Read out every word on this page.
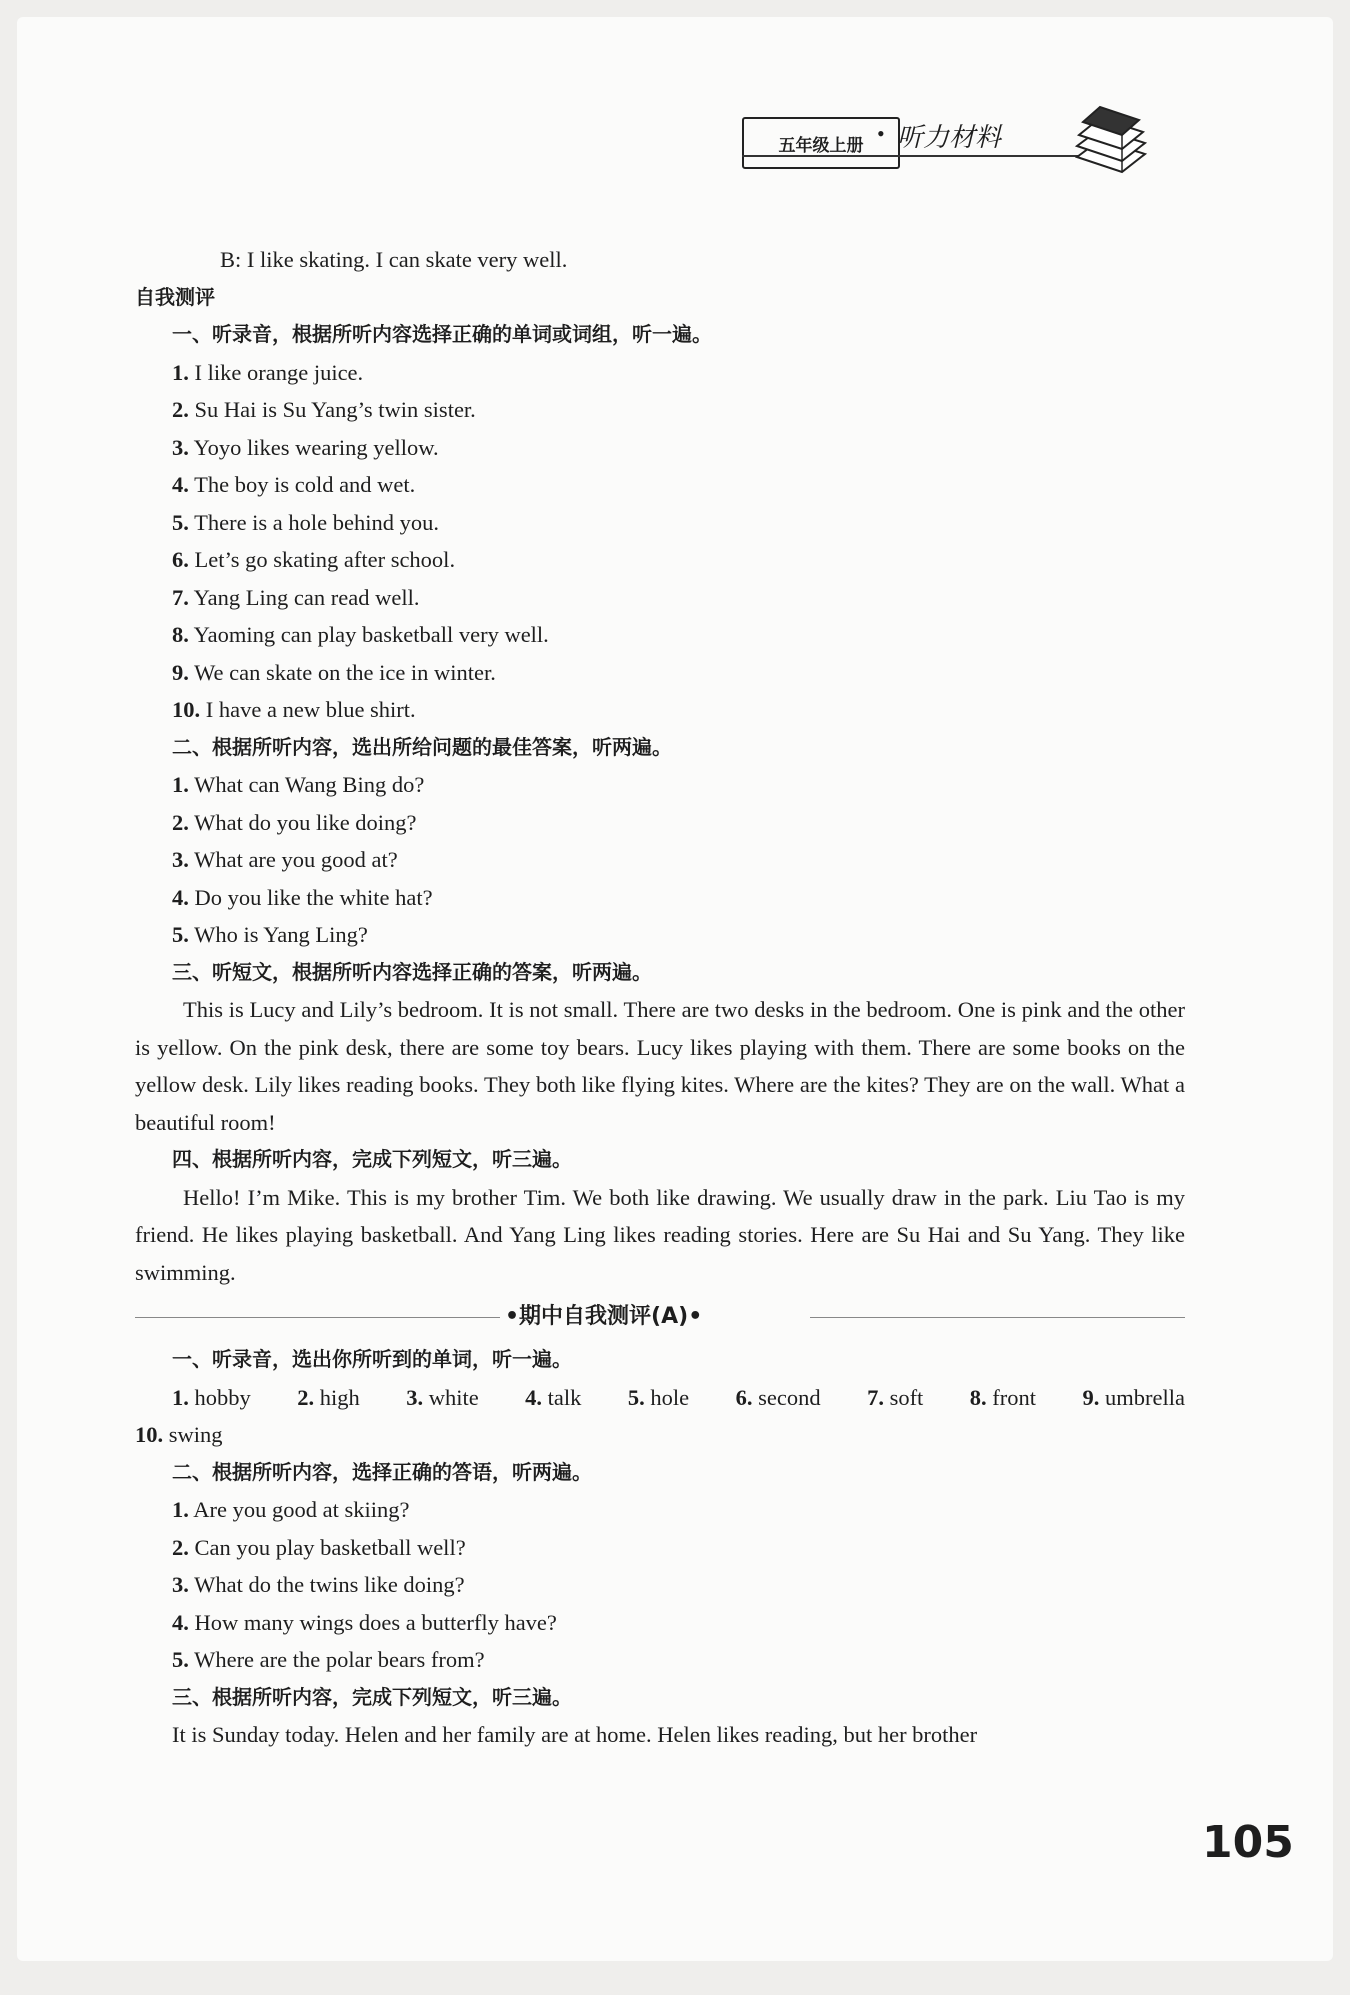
五年级上册 • 听力材料
B: I like skating. I can skate very well.
自我测评
一、听录音，根据所听内容选择正确的单词或词组，听一遍。
1. I like orange juice.
2. Su Hai is Su Yang’s twin sister.
3. Yoyo likes wearing yellow.
4. The boy is cold and wet.
5. There is a hole behind you.
6. Let’s go skating after school.
7. Yang Ling can read well.
8. Yaoming can play basketball very well.
9. We can skate on the ice in winter.
10. I have a new blue shirt.
二、根据所听内容，选出所给问题的最佳答案，听两遍。
1. What can Wang Bing do?
2. What do you like doing?
3. What are you good at?
4. Do you like the white hat?
5. Who is Yang Ling?
三、听短文，根据所听内容选择正确的答案，听两遍。
This is Lucy and Lily’s bedroom. It is not small. There are two desks in the bedroom. One is pink and the other is yellow. On the pink desk, there are some toy bears. Lucy likes playing with them. There are some books on the yellow desk. Lily likes reading books. They both like flying kites. Where are the kites? They are on the wall. What a beautiful room!
四、根据所听内容，完成下列短文，听三遍。
Hello! I’m Mike. This is my brother Tim. We both like drawing. We usually draw in the park. Liu Tao is my friend. He likes playing basketball. And Yang Ling likes reading stories. Here are Su Hai and Su Yang. They like swimming.
•期中自我测评(A)•
一、听录音，选出你所听到的单词，听一遍。
1. hobby 2. high 3. white 4. talk 5. hole 6. second 7. soft 8. front 9. umbrella
10. swing
二、根据所听内容，选择正确的答语，听两遍。
1. Are you good at skiing?
2. Can you play basketball well?
3. What do the twins like doing?
4. How many wings does a butterfly have?
5. Where are the polar bears from?
三、根据所听内容，完成下列短文，听三遍。
It is Sunday today. Helen and her family are at home. Helen likes reading, but her brother
105
